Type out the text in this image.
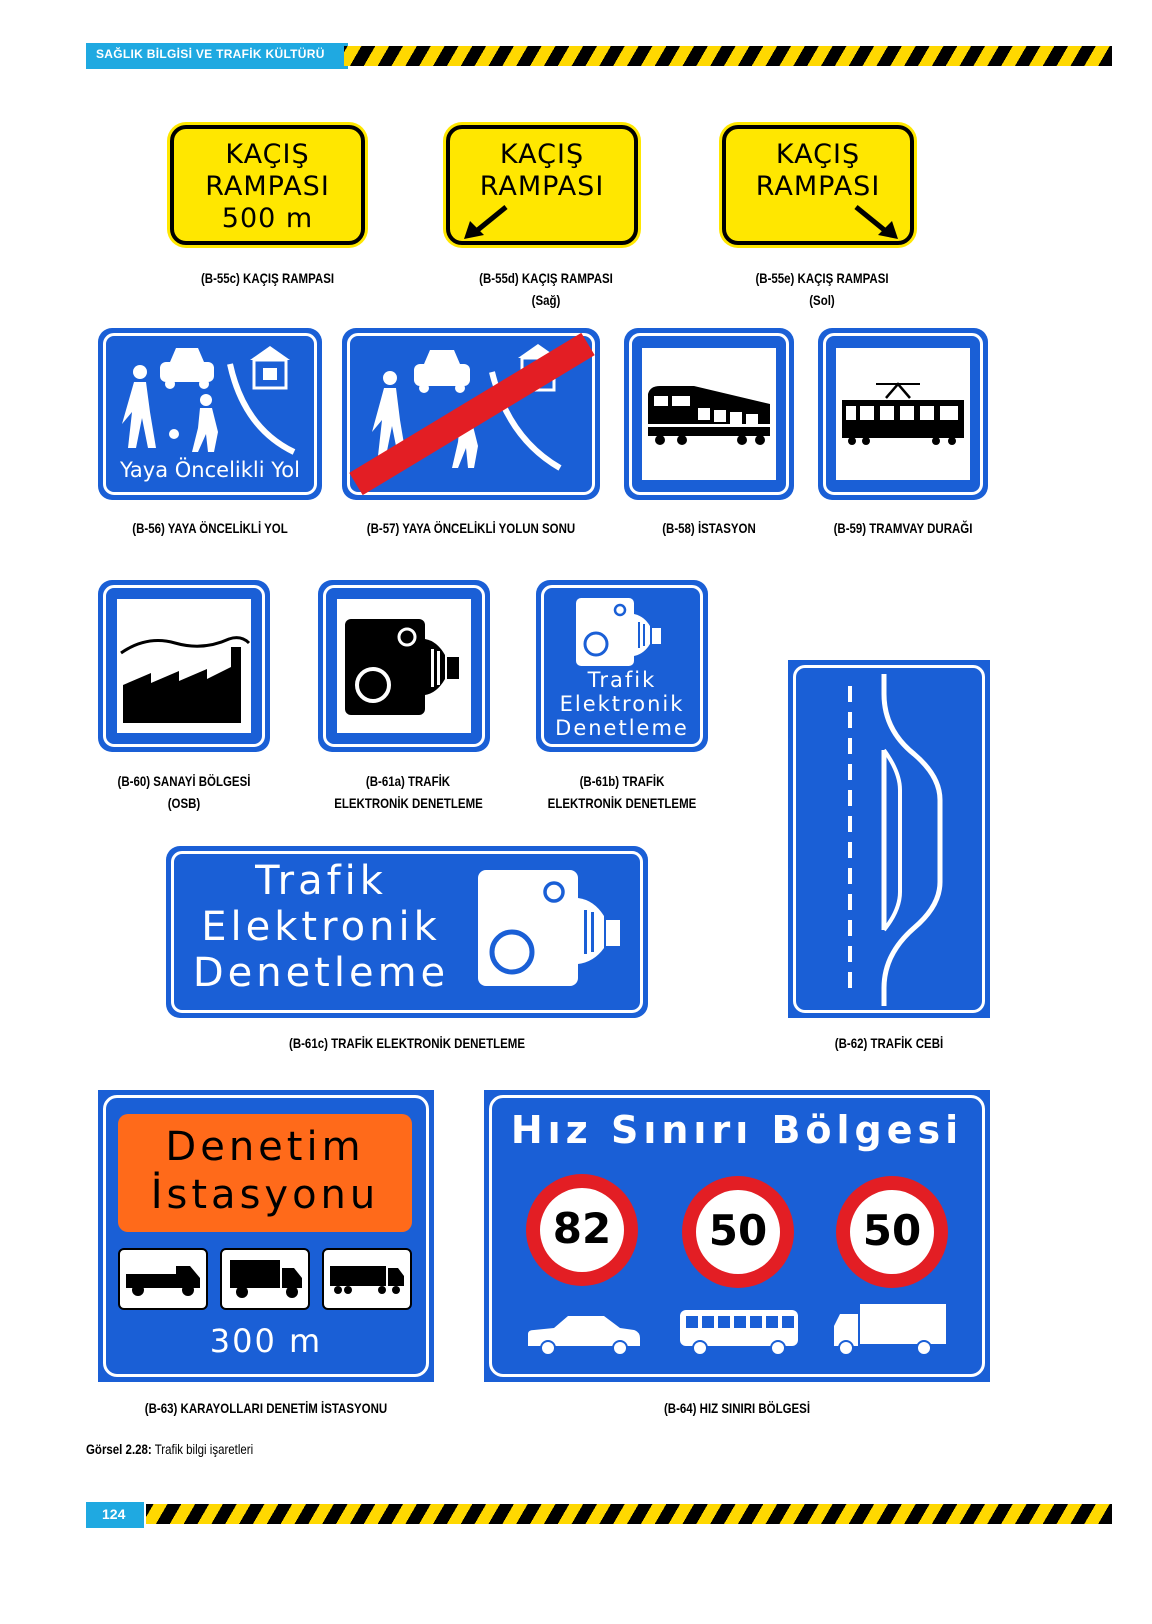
SAĞLIK BİLGİSİ VE TRAFİK KÜLTÜRÜ
KAÇIŞ
RAMPASI
500 m
(B-55c) KAÇIŞ RAMPASI
KAÇIŞ
RAMPASI
(B-55d) KAÇIŞ RAMPASI
(Sağ)
KAÇIŞ
RAMPASI
(B-55e) KAÇIŞ RAMPASI
(Sol)
Yaya Öncelikli Yol
(B-56) YAYA ÖNCELİKLİ YOL	(B-57) YAYA ÖNCELİKLİ YOLUN SONU	(B-58) İSTASYON	(B-59) TRAMVAY DURAĞI
(B-60) SANAYİ BÖLGESİ
(OSB)
(B-61a) TRAFİK
ELEKTRONİK DENETLEME
Trafik
Elektronik
Denetleme
(B-61b) TRAFİK
ELEKTRONİK DENETLEME
(B-62) TRAFİK CEBİ
Trafik
Elektronik
Denetleme
(B-61c) TRAFİK ELEKTRONİK DENETLEME
Denetim
İstasyonu
300 m
(B-63) KARAYOLLARI DENETİM İSTASYONU
Hız Sınırı Bölgesi
82	50	50
(B-64) HIZ SINIRI BÖLGESİ
Görsel 2.28: Trafik bilgi işaretleri
124
